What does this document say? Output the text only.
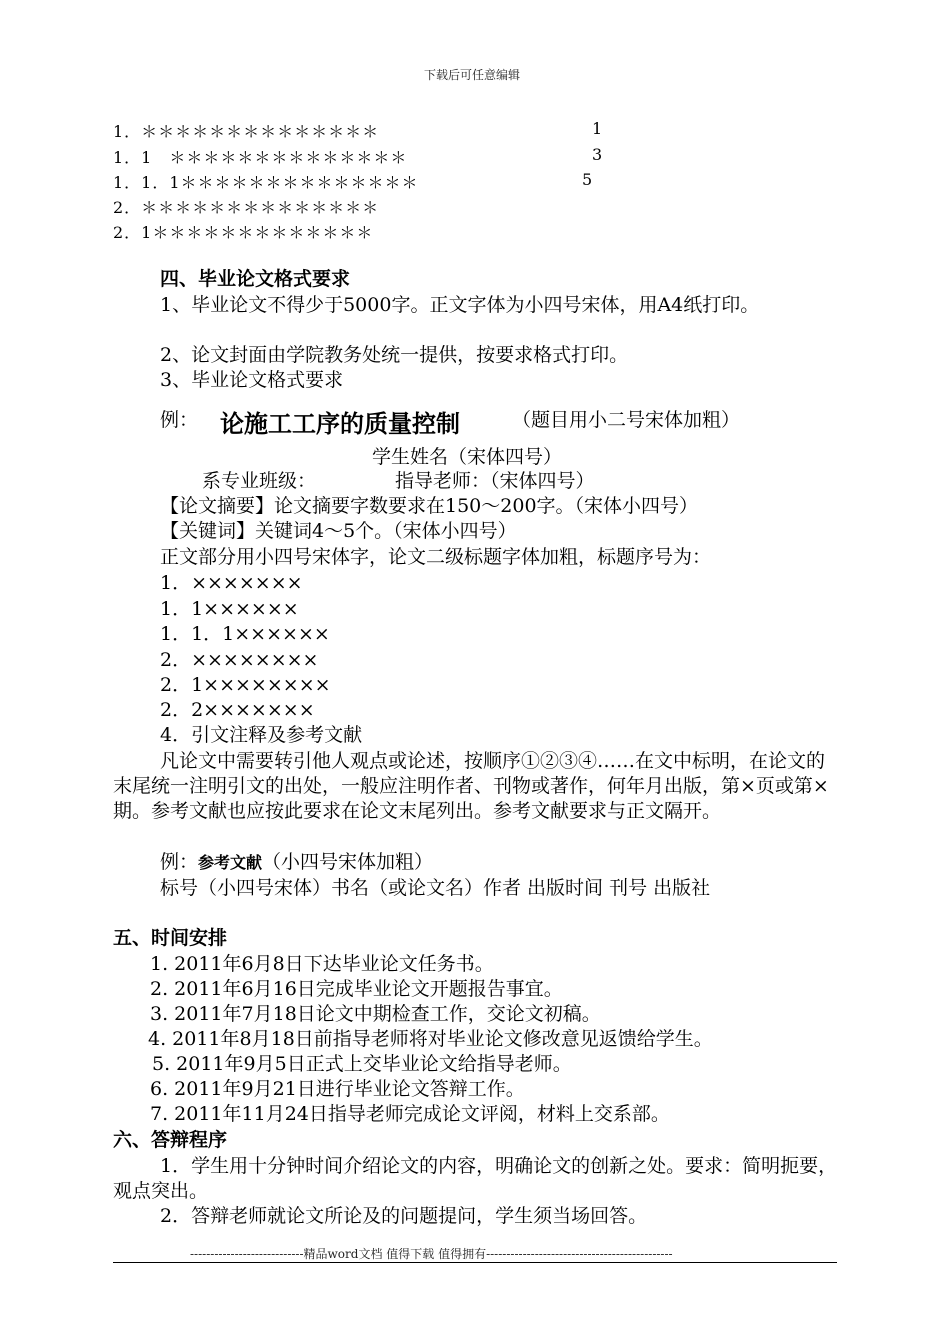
下载后可任意编辑
1．＊＊＊＊＊＊＊＊＊＊＊＊＊＊	1
1．1　＊＊＊＊＊＊＊＊＊＊＊＊＊＊	3
1．1．1＊＊＊＊＊＊＊＊＊＊＊＊＊＊	5
2．＊＊＊＊＊＊＊＊＊＊＊＊＊＊
2．1＊＊＊＊＊＊＊＊＊＊＊＊＊
四、毕业论文格式要求
1、毕业论文不得少于5000字。正文字体为小四号宋体，用A4纸打印。
2、论文封面由学院教务处统一提供，按要求格式打印。
3、毕业论文格式要求
例： 论施工工序的质量控制	（题目用小二号宋体加粗）
学生姓名（宋体四号）
系专业班级：	指导老师：（宋体四号）
【论文摘要】论文摘要字数要求在150～200字。（宋体小四号）
【关键词】关键词4～5个。（宋体小四号）
正文部分用小四号宋体字，论文二级标题字体加粗，标题序号为：
1．×××××××
1．1××××××
1．1．1××××××
2．××××××××
2．1××××××××
2．2×××××××
4．引文注释及参考文献
凡论文中需要转引他人观点或论述，按顺序①②③④……在文中标明，在论文的末尾统一注明引文的出处，一般应注明作者、刊物或著作，何年月出版，第×页或第×期。参考文献也应按此要求在论文末尾列出。参考文献要求与正文隔开。
例：参考文献（小四号宋体加粗）
标号（小四号宋体）书名（或论文名）作者 出版时间 刊号 出版社
五、时间安排
1. 2011年6月8日下达毕业论文任务书。
2. 2011年6月16日完成毕业论文开题报告事宜。
3. 2011年7月18日论文中期检查工作，交论文初稿。
4. 2011年8月18日前指导老师将对毕业论文修改意见返馈给学生。
5. 2011年9月5日正式上交毕业论文给指导老师。
6. 2011年9月21日进行毕业论文答辩工作。
7. 2011年11月24日指导老师完成论文评阅，材料上交系部。
六、答辩程序
1．学生用十分钟时间介绍论文的内容，明确论文的创新之处。要求：简明扼要，观点突出。
2．答辩老师就论文所论及的问题提问，学生须当场回答。
----------------------------精品word文档 值得下载 值得拥有----------------------------------------------
